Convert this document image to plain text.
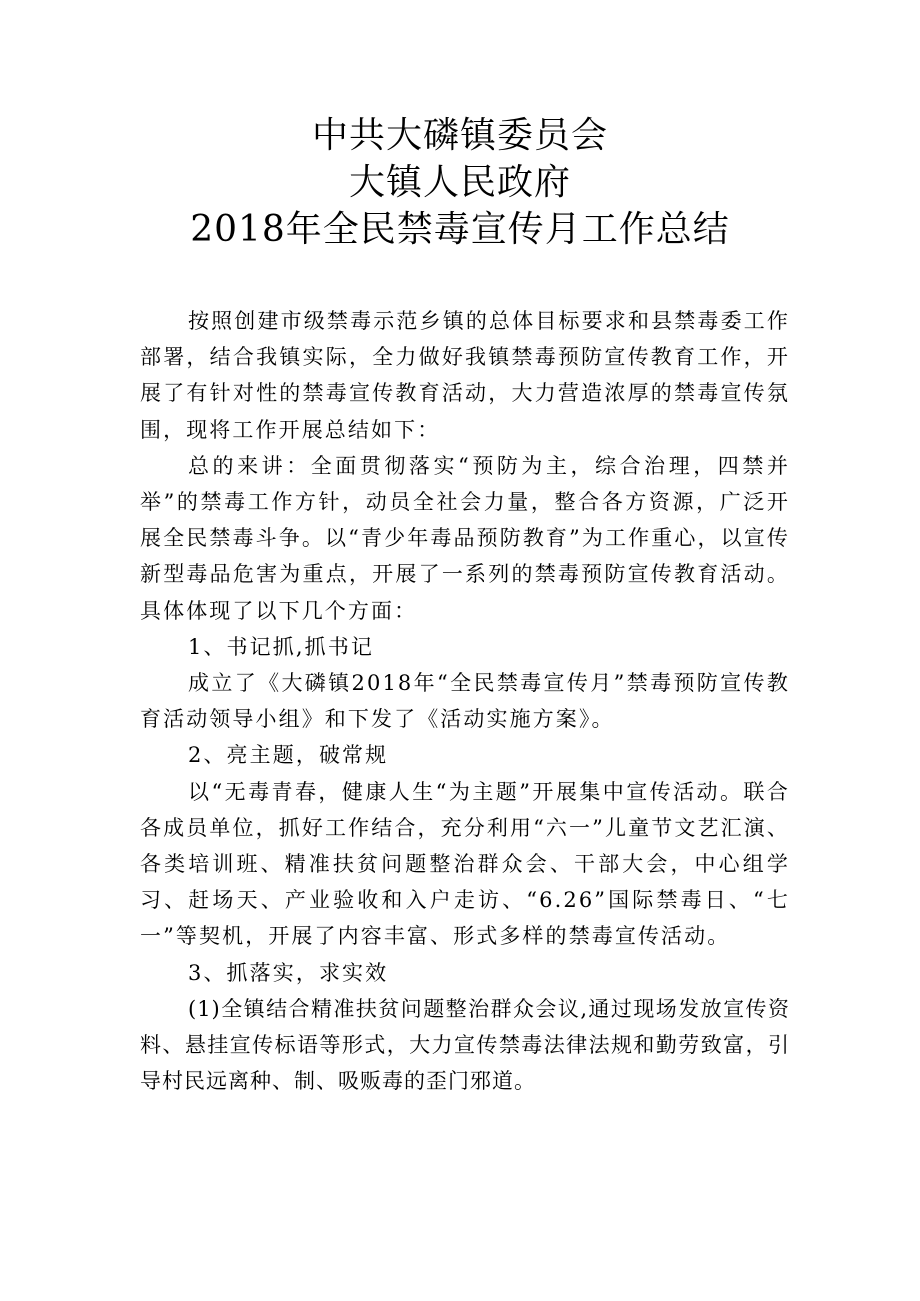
中共大磷镇委员会
大镇人民政府
2018年全民禁毒宣传月工作总结

按照创建市级禁毒示范乡镇的总体目标要求和县禁毒委工作部署，结合我镇实际，全力做好我镇禁毒预防宣传教育工作，开展了有针对性的禁毒宣传教育活动，大力营造浓厚的禁毒宣传氛围，现将工作开展总结如下：

总的来讲：全面贯彻落实“预防为主，综合治理，四禁并举”的禁毒工作方针，动员全社会力量，整合各方资源，广泛开展全民禁毒斗争。以“青少年毒品预防教育”为工作重心，以宣传新型毒品危害为重点，开展了一系列的禁毒预防宣传教育活动。具体体现了以下几个方面：

1、书记抓,抓书记

成立了《大磷镇2018年“全民禁毒宣传月”禁毒预防宣传教育活动领导小组》和下发了《活动实施方案》。

2、亮主题，破常规

以“无毒青春，健康人生“为主题”开展集中宣传活动。联合各成员单位，抓好工作结合，充分利用“六一”儿童节文艺汇演、各类培训班、精准扶贫问题整治群众会、干部大会，中心组学习、赶场天、产业验收和入户走访、“6.26”国际禁毒日、“七一”等契机，开展了内容丰富、形式多样的禁毒宣传活动。

3、抓落实，求实效

(1)全镇结合精准扶贫问题整治群众会议,通过现场发放宣传资料、悬挂宣传标语等形式，大力宣传禁毒法律法规和勤劳致富，引导村民远离种、制、吸贩毒的歪门邪道。
